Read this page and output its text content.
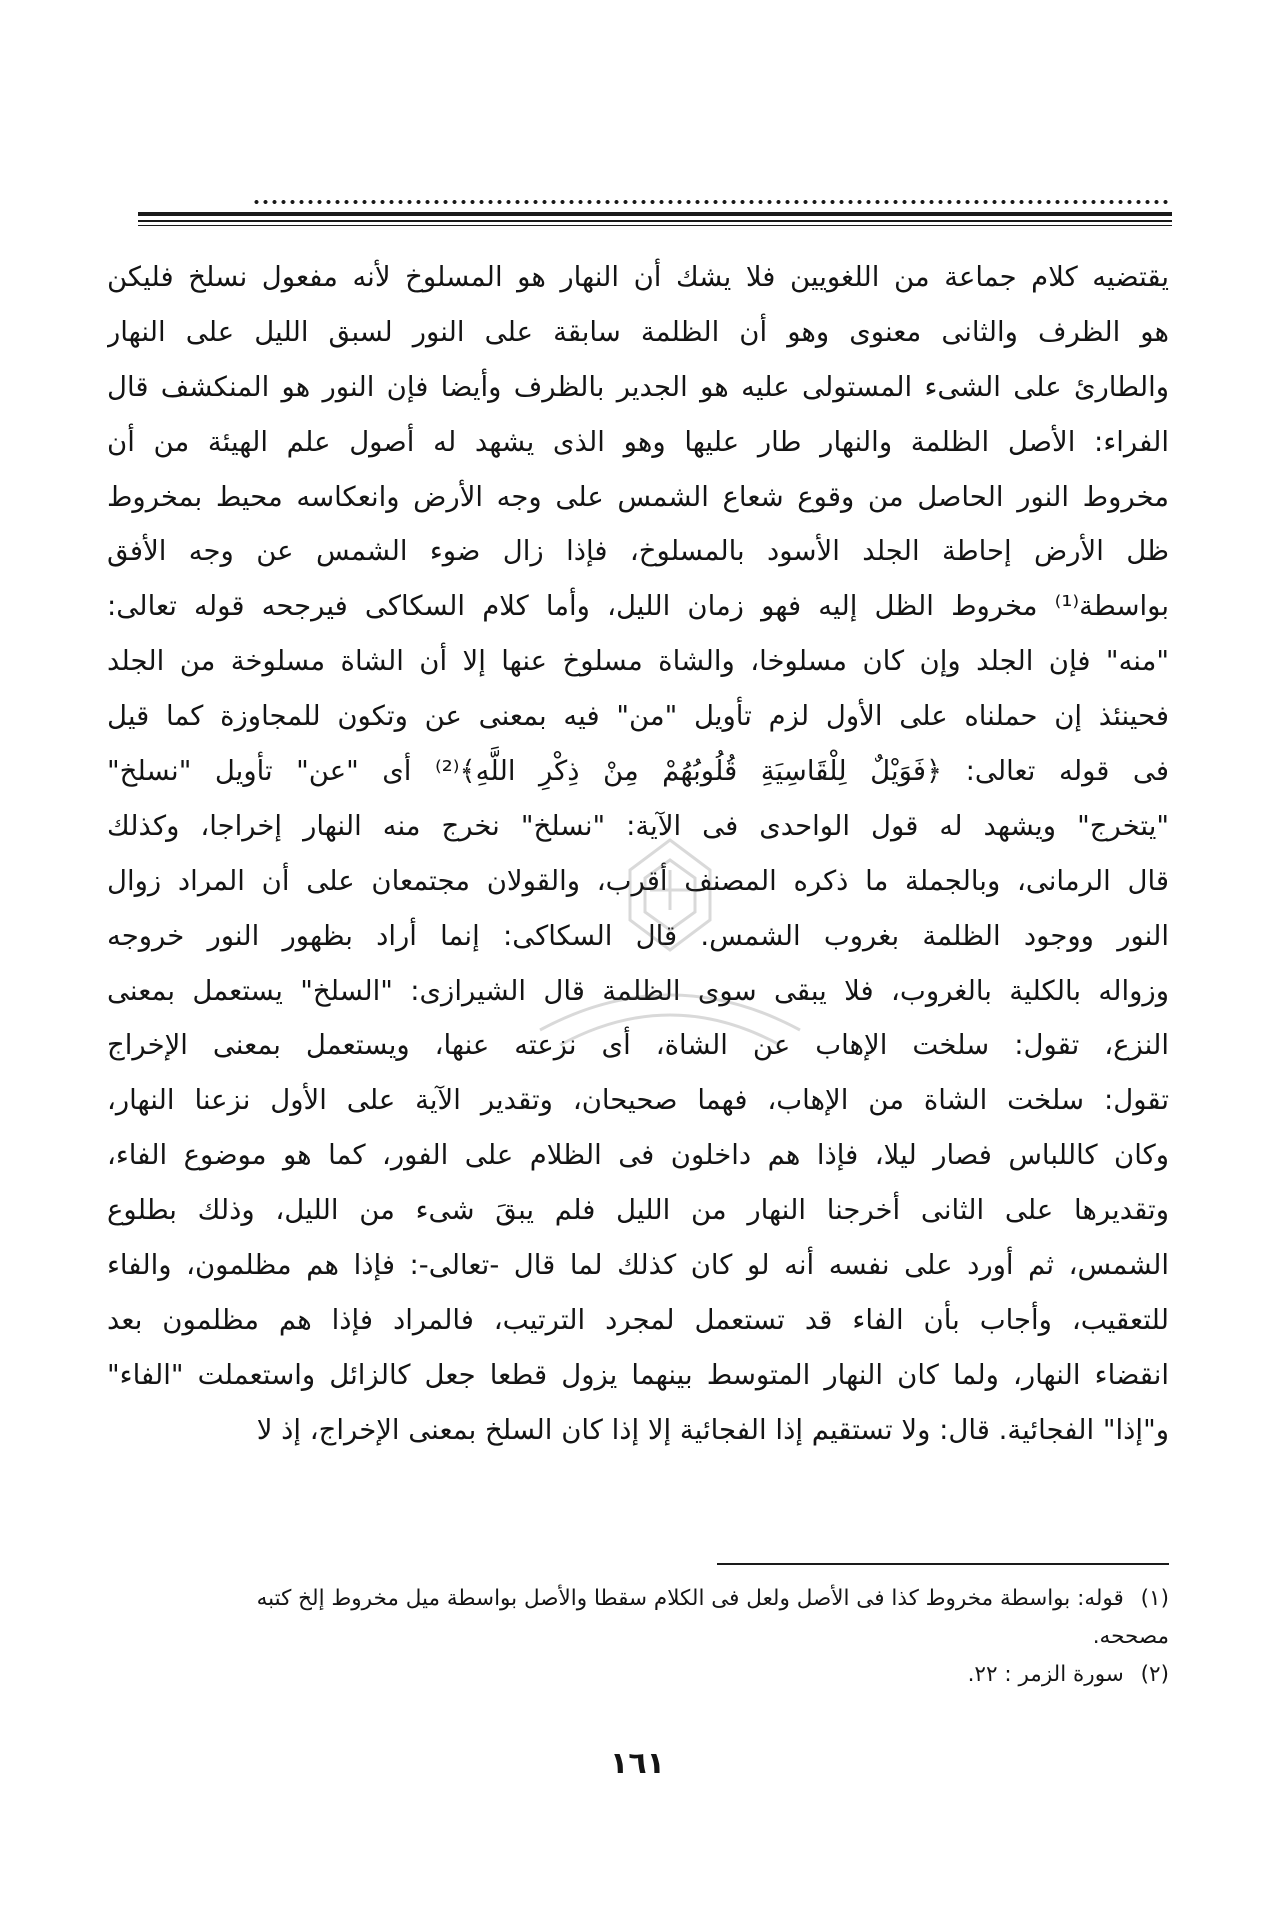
يقتضيه كلام جماعة من اللغويين فلا يشك أن النهار هو المسلوخ لأنه مفعول نسلخ فليكن
هو الظرف والثانى معنوى وهو أن الظلمة سابقة على النور لسبق الليل على النهار
والطارئ على الشىء المستولى عليه هو الجدير بالظرف وأيضا فإن النور هو المنكشف قال
الفراء: الأصل الظلمة والنهار طار عليها وهو الذى يشهد له أصول علم الهيئة من أن
مخروط النور الحاصل من وقوع شعاع الشمس على وجه الأرض وانعكاسه محيط بمخروط
ظل الأرض إحاطة الجلد الأسود بالمسلوخ، فإذا زال ضوء الشمس عن وجه الأفق
بواسطة⁽¹⁾ مخروط الظل إليه فهو زمان الليل، وأما كلام السكاكى فيرجحه قوله تعالى:
"منه" فإن الجلد وإن كان مسلوخا، والشاة مسلوخ عنها إلا أن الشاة مسلوخة من الجلد
فحينئذ إن حملناه على الأول لزم تأويل "من" فيه بمعنى عن وتكون للمجاوزة كما قيل
فى قوله تعالى: ﴿فَوَيْلٌ لِلْقَاسِيَةِ قُلُوبُهُمْ مِنْ ذِكْرِ اللَّهِ﴾⁽²⁾ أى "عن" تأويل "نسلخ"
"يتخرج" ويشهد له قول الواحدى فى الآية: "نسلخ" نخرج منه النهار إخراجا، وكذلك
قال الرمانى، وبالجملة ما ذكره المصنف أقرب، والقولان مجتمعان على أن المراد زوال
النور ووجود الظلمة بغروب الشمس. قال السكاكى: إنما أراد بظهور النور خروجه
وزواله بالكلية بالغروب، فلا يبقى سوى الظلمة قال الشيرازى: "السلخ" يستعمل بمعنى
النزع، تقول: سلخت الإهاب عن الشاة، أى نزعته عنها، ويستعمل بمعنى الإخراج
تقول: سلخت الشاة من الإهاب، فهما صحيحان، وتقدير الآية على الأول نزعنا النهار،
وكان كاللباس فصار ليلا، فإذا هم داخلون فى الظلام على الفور، كما هو موضوع الفاء،
وتقديرها على الثانى أخرجنا النهار من الليل فلم يبقَ شىء من الليل، وذلك بطلوع
الشمس، ثم أورد على نفسه أنه لو كان كذلك لما قال -تعالى-: فإذا هم مظلمون، والفاء
للتعقيب، وأجاب بأن الفاء قد تستعمل لمجرد الترتيب، فالمراد فإذا هم مظلمون بعد
انقضاء النهار، ولما كان النهار المتوسط بينهما يزول قطعا جعل كالزائل واستعملت "الفاء"
و"إذا" الفجائية. قال: ولا تستقيم إذا الفجائية إلا إذا كان السلخ بمعنى الإخراج، إذ لا
(١) قوله: بواسطة مخروط كذا فى الأصل ولعل فى الكلام سقطا والأصل بواسطة ميل مخروط إلخ كتبه
مصححه.
(٢) سورة الزمر : ٢٢.
١٦١
